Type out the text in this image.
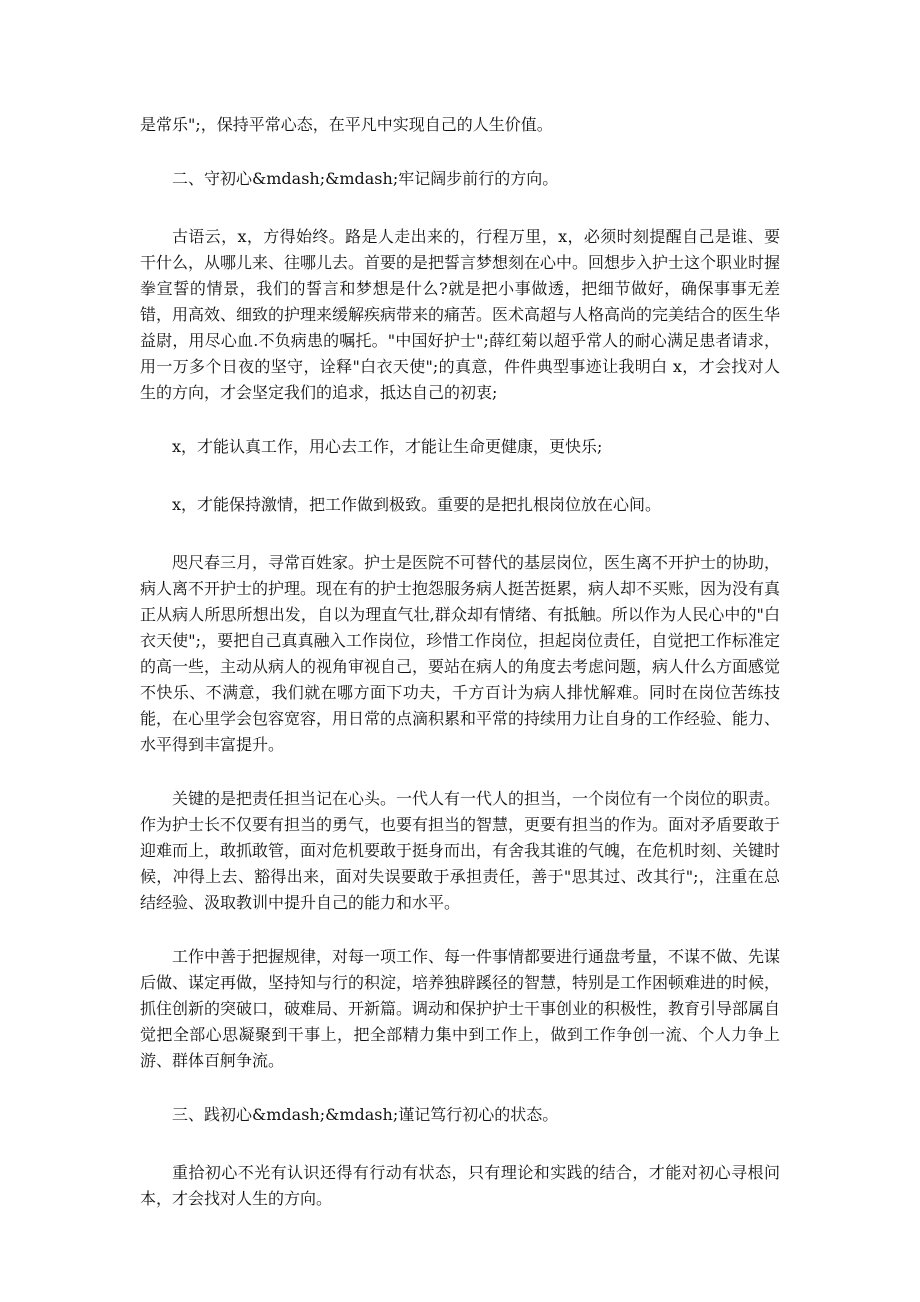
是常乐";，保持平常心态，在平凡中实现自己的人生价值。

二、守初心&mdash;&mdash;牢记阔步前行的方向。

古语云，x，方得始终。路是人走出来的，行程万里，x，必须时刻提醒自己是谁、要干什么，从哪儿来、往哪儿去。首要的是把誓言梦想刻在心中。回想步入护士这个职业时握拳宣誓的情景，我们的誓言和梦想是什么?就是把小事做透，把细节做好，确保事事无差错，用高效、细致的护理来缓解疾病带来的痛苦。医术高超与人格高尚的完美结合的医生华益尉，用尽心血.不负病患的嘱托。"中国好护士";薛红菊以超乎常人的耐心满足患者请求，用一万多个日夜的坚守，诠释"白衣天使";的真意，件件典型事迹让我明白 x，才会找对人生的方向，才会坚定我们的追求，抵达自己的初衷;

x，才能认真工作，用心去工作，才能让生命更健康，更快乐;

x，才能保持激情，把工作做到极致。重要的是把扎根岗位放在心间。

咫尺春三月，寻常百姓家。护士是医院不可替代的基层岗位，医生离不开护士的协助，病人离不开护士的护理。现在有的护士抱怨服务病人挺苦挺累，病人却不买账，因为没有真正从病人所思所想出发，自以为理直气壮,群众却有情绪、有抵触。所以作为人民心中的"白衣天使";，要把自己真真融入工作岗位，珍惜工作岗位，担起岗位责任，自觉把工作标准定的高一些，主动从病人的视角审视自己，要站在病人的角度去考虑问题，病人什么方面感觉不快乐、不满意，我们就在哪方面下功夫，千方百计为病人排忧解难。同时在岗位苦练技能，在心里学会包容宽容，用日常的点滴积累和平常的持续用力让自身的工作经验、能力、水平得到丰富提升。

关键的是把责任担当记在心头。一代人有一代人的担当，一个岗位有一个岗位的职责。作为护士长不仅要有担当的勇气，也要有担当的智慧，更要有担当的作为。面对矛盾要敢于迎难而上，敢抓敢管，面对危机要敢于挺身而出，有舍我其谁的气魄，在危机时刻、关键时候，冲得上去、豁得出来，面对失误要敢于承担责任，善于"思其过、改其行";，注重在总结经验、汲取教训中提升自己的能力和水平。

工作中善于把握规律，对每一项工作、每一件事情都要进行通盘考量，不谋不做、先谋后做、谋定再做，坚持知与行的积淀，培养独辟蹊径的智慧，特别是工作困顿难进的时候，抓住创新的突破口，破难局、开新篇。调动和保护护士干事创业的积极性，教育引导部属自觉把全部心思凝聚到干事上，把全部精力集中到工作上，做到工作争创一流、个人力争上游、群体百舸争流。

三、践初心&mdash;&mdash;谨记笃行初心的状态。

重拾初心不光有认识还得有行动有状态，只有理论和实践的结合，才能对初心寻根问本，才会找对人生的方向。
